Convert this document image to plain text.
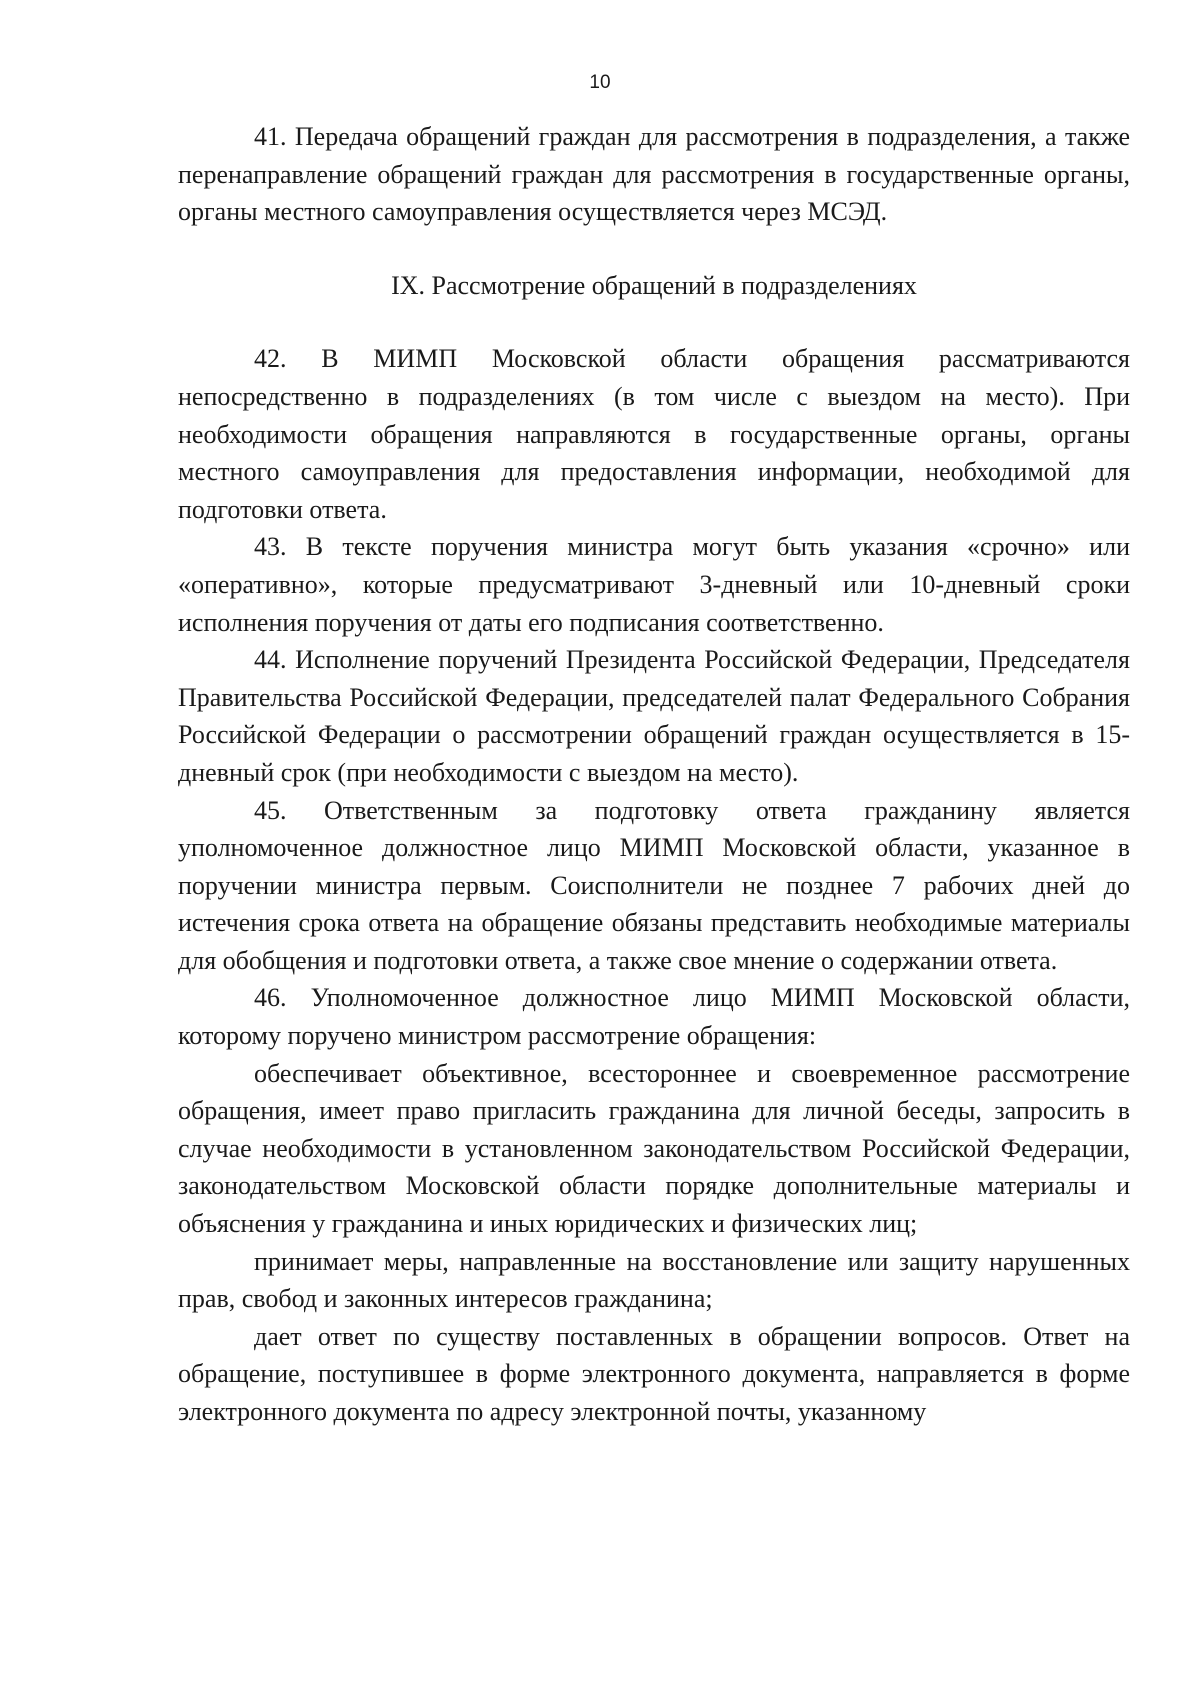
10

41. Передача обращений граждан для рассмотрения в подразделения, а также перенаправление обращений граждан для рассмотрения в государственные органы, органы местного самоуправления осуществляется через МСЭД.

IX. Рассмотрение обращений в подразделениях

42. В МИМП Московской области обращения рассматриваются непосредственно в подразделениях (в том числе с выездом на место). При необходимости обращения направляются в государственные органы, органы местного самоуправления для предоставления информации, необходимой для подготовки ответа.

43. В тексте поручения министра могут быть указания «срочно» или «оперативно», которые предусматривают 3-дневный или 10-дневный сроки исполнения поручения от даты его подписания соответственно.

44. Исполнение поручений Президента Российской Федерации, Председателя Правительства Российской Федерации, председателей палат Федерального Собрания Российской Федерации о рассмотрении обращений граждан осуществляется в 15-дневный срок (при необходимости с выездом на место).

45. Ответственным за подготовку ответа гражданину является уполномоченное должностное лицо МИМП Московской области, указанное в поручении министра первым. Соисполнители не позднее 7 рабочих дней до истечения срока ответа на обращение обязаны представить необходимые материалы для обобщения и подготовки ответа, а также свое мнение о содержании ответа.

46. Уполномоченное должностное лицо МИМП Московской области, которому поручено министром рассмотрение обращения:

обеспечивает объективное, всестороннее и своевременное рассмотрение обращения, имеет право пригласить гражданина для личной беседы, запросить в случае необходимости в установленном законодательством Российской Федерации, законодательством Московской области порядке дополнительные материалы и объяснения у гражданина и иных юридических и физических лиц;

принимает меры, направленные на восстановление или защиту нарушенных прав, свобод и законных интересов гражданина;

дает ответ по существу поставленных в обращении вопросов. Ответ на обращение, поступившее в форме электронного документа, направляется в форме электронного документа по адресу электронной почты, указанному
